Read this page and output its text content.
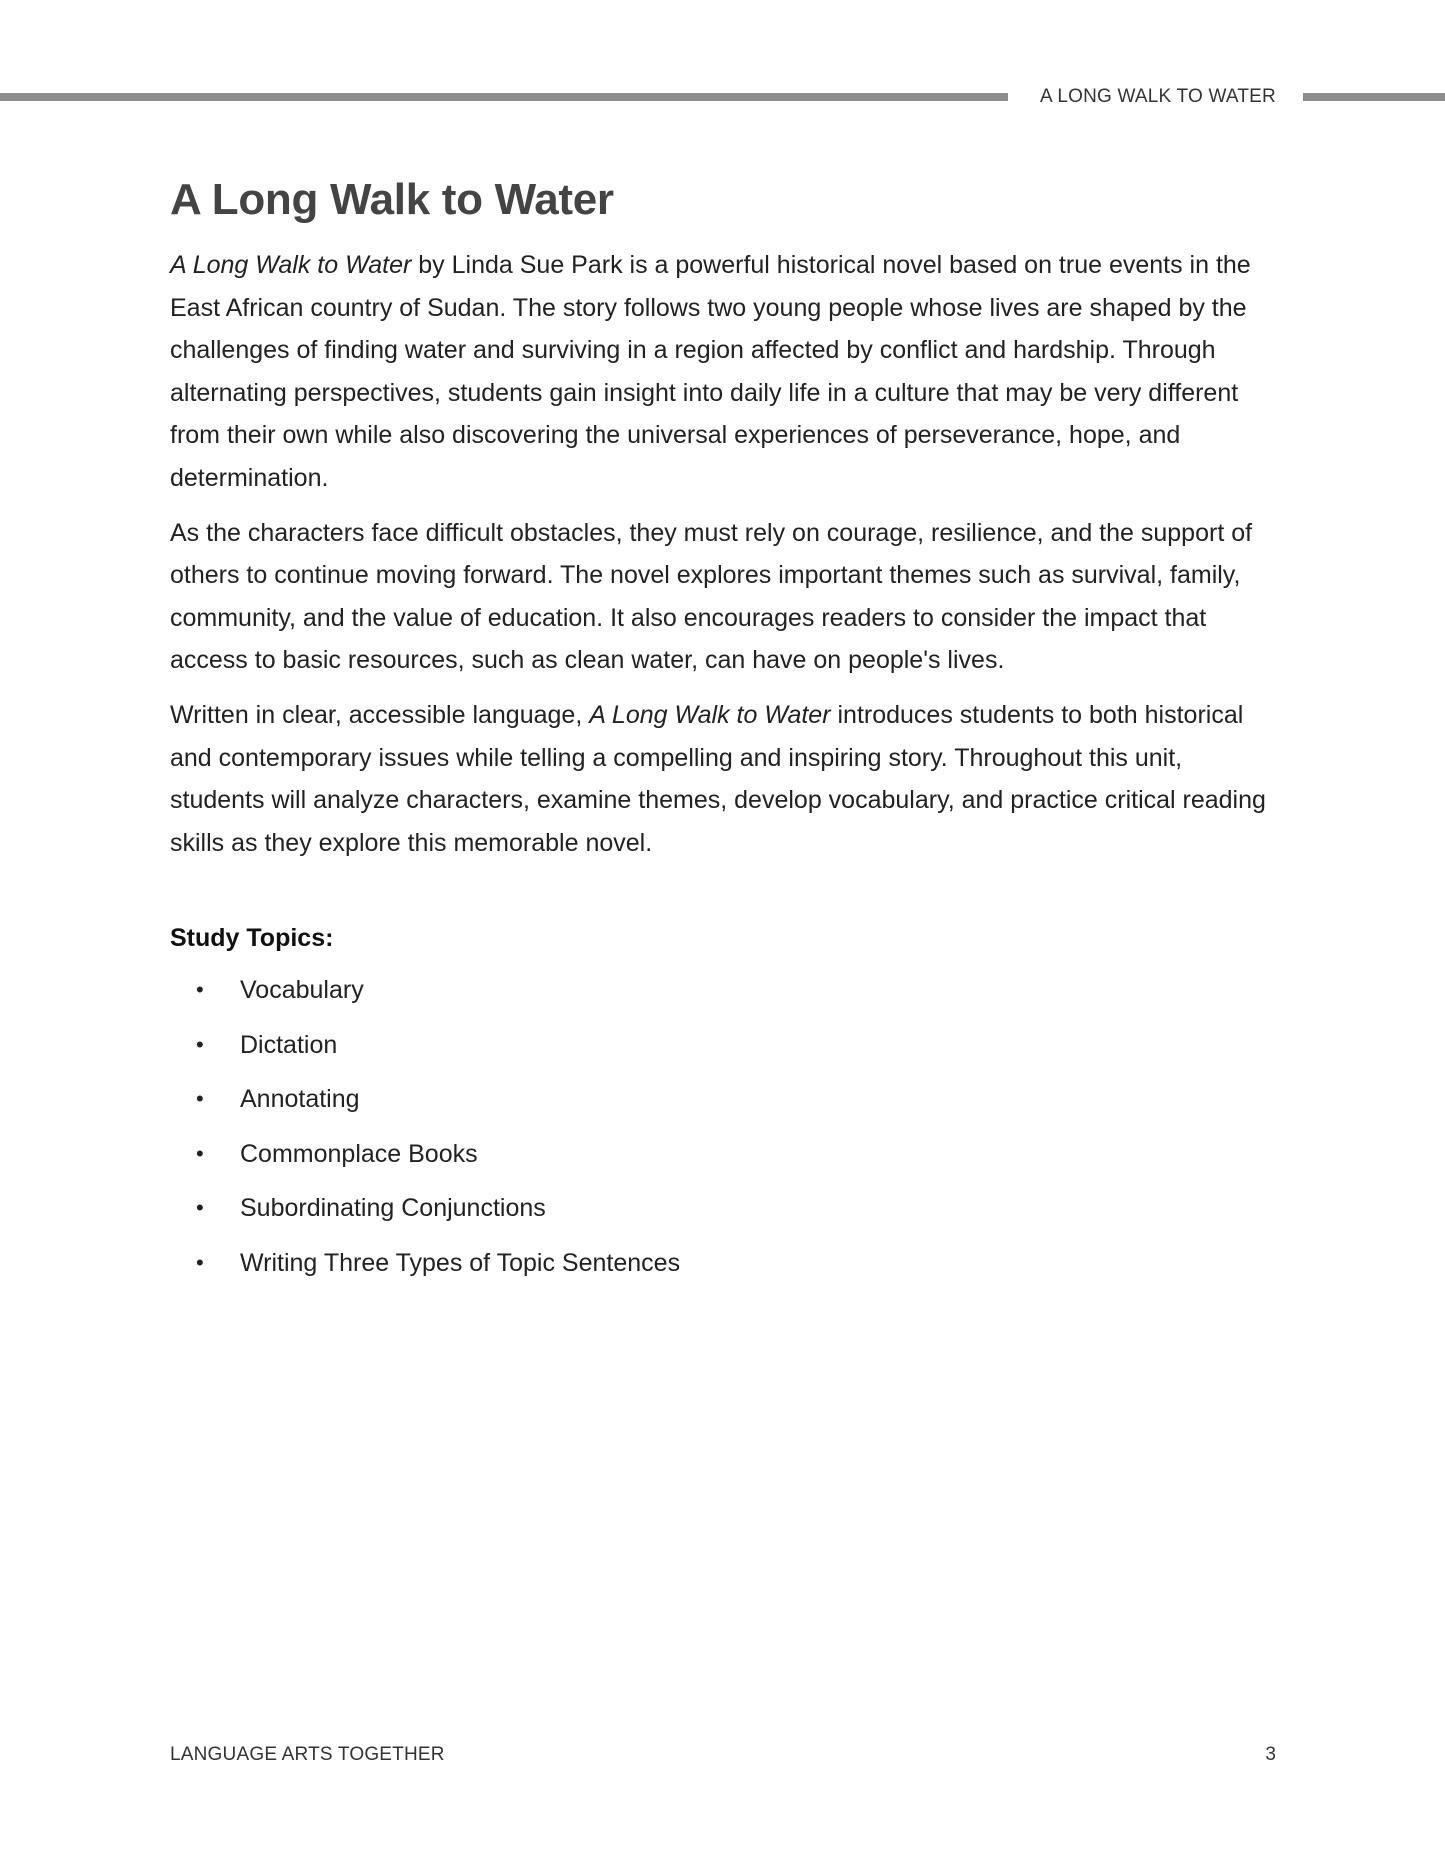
A LONG WALK TO WATER
A Long Walk to Water

A Long Walk to Water by Linda Sue Park is a powerful historical novel based on true events in the East African country of Sudan. The story follows two young people whose lives are shaped by the challenges of finding water and surviving in a region affected by conflict and hardship. Through alternating perspectives, students gain insight into daily life in a culture that may be very different from their own while also discovering the universal experiences of perseverance, hope, and determination.

As the characters face difficult obstacles, they must rely on courage, resilience, and the support of others to continue moving forward. The novel explores important themes such as survival, family, community, and the value of education. It also encourages readers to consider the impact that access to basic resources, such as clean water, can have on people's lives.

Written in clear, accessible language, A Long Walk to Water introduces students to both historical and contemporary issues while telling a compelling and inspiring story. Throughout this unit, students will analyze characters, examine themes, develop vocabulary, and practice critical reading skills as they explore this memorable novel.

Study Topics:
• Vocabulary
• Dictation
• Annotating
• Commonplace Books
• Subordinating Conjunctions
• Writing Three Types of Topic Sentences
LANGUAGE ARTS TOGETHER	3
